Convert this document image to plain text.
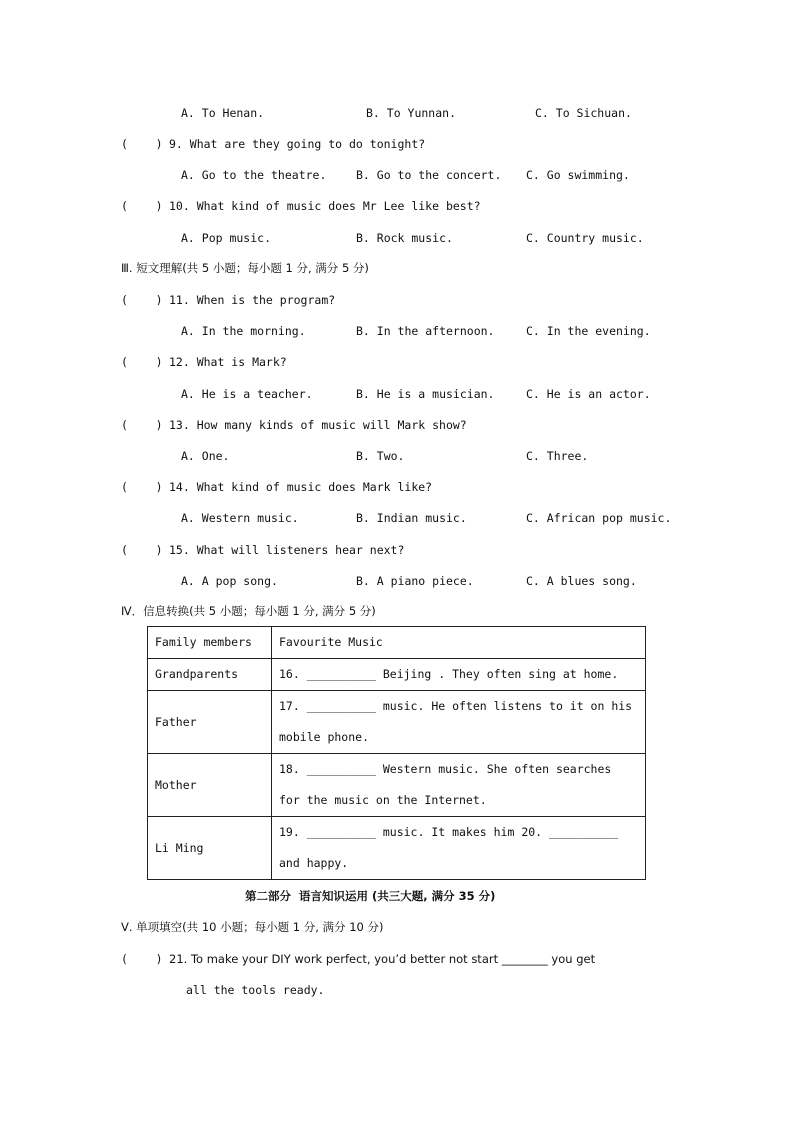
A. To Henan.	B. To Yunnan.	C. To Sichuan.
(    ) 9. What are they going to do tonight?
A. Go to the theatre.	B. Go to the concert. C. Go swimming.
(    ) 10. What kind of music does Mr Lee like best?
A. Pop music.	B. Rock music.	C. Country music.
Ⅲ. 短文理解(共 5 小题；每小题 1 分, 满分 5 分)
(    ) 11. When is the program?
A. In the morning.	B. In the afternoon.	C. In the evening.
(    ) 12. What is Mark?
A. He is a teacher.	B. He is a musician.	C. He is an actor.
(    ) 13. How many kinds of music will Mark show?
A. One.	B. Two.	C. Three.
(    ) 14. What kind of music does Mark like?
A. Western music.	B. Indian music.	C. African pop music.
(    ) 15. What will listeners hear next?
A. A pop song.	B. A piano piece.	C. A blues song.
Ⅳ．信息转换(共 5 小题；每小题 1 分, 满分 5 分)
Family members	Favourite Music
Grandparents	16. __________ Beijing . They often sing at home.
Father	17. __________ music. He often listens to it on his mobile phone.
Mother	18. __________ Western music. She often searches for the music on the Internet.
Li Ming	19. __________ music. It makes him 20. __________ and happy.
第二部分  语言知识运用 (共三大题, 满分 35 分)
Ⅴ. 单项填空(共 10 小题；每小题 1 分, 满分 10 分)
(    ) 21. To make your DIY work perfect, you’d better not start ________ you get
all the tools ready.
